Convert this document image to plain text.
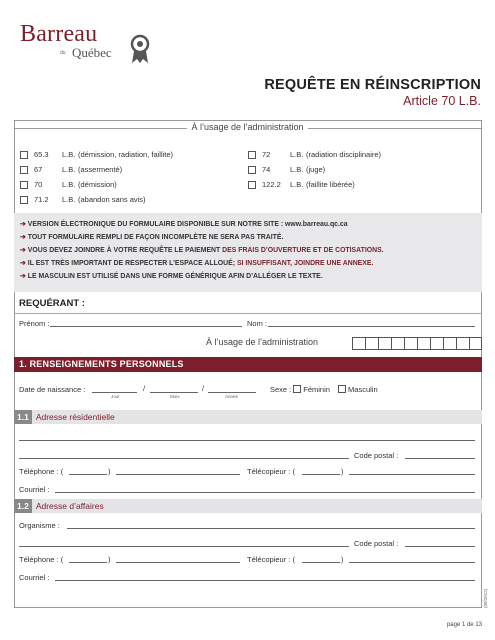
Barreau
du Québec
REQUÊTE EN RÉINSCRIPTION
Article 70 L.B.
À l’usage de l’administration
65.3	L.B. (démission, radiation, faillite)
67	L.B. (assermenté)
70	L.B. (démission)
71.2	L.B. (abandon sans avis)
72	L.B. (radiation disciplinaire)
74	L.B. (juge)
122.2	L.B. (faillite libérée)
➔ VERSION ÉLECTRONIQUE DU FORMULAIRE DISPONIBLE SUR NOTRE SITE : www.barreau.qc.ca
➔ TOUT FORMULAIRE REMPLI DE FAÇON INCOMPLÈTE NE SERA PAS TRAITÉ.
➔ VOUS DEVEZ JOINDRE À VOTRE REQUÊTE LE PAIEMENT DES FRAIS D’OUVERTURE ET DE COTISATIONS.
➔ IL EST TRÈS IMPORTANT DE RESPECTER L’ESPACE ALLOUÉ; SI INSUFFISANT, JOINDRE UNE ANNEXE.
➔ LE MASCULIN EST UTILISÉ DANS UNE FORME GÉNÉRIQUE AFIN D’ALLÉGER LE TEXTE.
REQUÉRANT :
Prénom :	Nom :
À l’usage de l’administration
1. RENSEIGNEMENTS PERSONNELS
Date de naissance :	/	/
Jour	Mois	Année
Sexe : Féminin Masculin
1.1 Adresse résidentielle
Code postal :
Téléphone : (	)	Télécopieur : (	)
Courriel :
1.2 Adresse d’affaires
Organisme :
Code postal :
Téléphone : (	)	Télécopieur : (	)
Courriel :
(09/2012)
page 1 de 13
